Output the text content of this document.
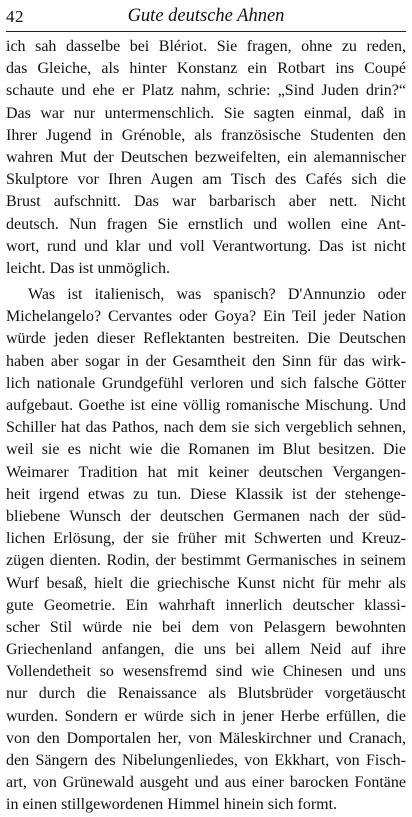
42	Gute deutsche Ahnen
ich sah dasselbe bei Blériot. Sie fragen, ohne zu reden,
das Gleiche, als hinter Konstanz ein Rotbart ins Coupé
schaute und ehe er Platz nahm, schrie: „Sind Juden drin?“
Das war nur untermenschlich. Sie sagten einmal, daß in
Ihrer Jugend in Grénoble, als französische Studenten den
wahren Mut der Deutschen bezweifelten, ein alemannischer
Skulptore vor Ihren Augen am Tisch des Cafés sich die
Brust aufschnitt. Das war barbarisch aber nett. Nicht
deutsch. Nun fragen Sie ernstlich und wollen eine Ant-
wort, rund und klar und voll Verantwortung. Das ist nicht
leicht. Das ist unmöglich.
Was ist italienisch, was spanisch? D'Annunzio oder
Michelangelo? Cervantes oder Goya? Ein Teil jeder Nation
würde jeden dieser Reflektanten bestreiten. Die Deutschen
haben aber sogar in der Gesamtheit den Sinn für das wirk-
lich nationale Grundgefühl verloren und sich falsche Götter
aufgebaut. Goethe ist eine völlig romanische Mischung. Und
Schiller hat das Pathos, nach dem sie sich vergeblich sehnen,
weil sie es nicht wie die Romanen im Blut besitzen. Die
Weimarer Tradition hat mit keiner deutschen Vergangen-
heit irgend etwas zu tun. Diese Klassik ist der stehenge-
bliebene Wunsch der deutschen Germanen nach der süd-
lichen Erlösung, der sie früher mit Schwerten und Kreuz-
zügen dienten. Rodin, der bestimmt Germanisches in seinem
Wurf besaß, hielt die griechische Kunst nicht für mehr als
gute Geometrie. Ein wahrhaft innerlich deutscher klassi-
scher Stil würde nie bei dem von Pelasgern bewohnten
Griechenland anfangen, die uns bei allem Neid auf ihre
Vollendetheit so wesensfremd sind wie Chinesen und uns
nur durch die Renaissance als Blutsbrüder vorgetäuscht
wurden. Sondern er würde sich in jener Herbe erfüllen, die
von den Domportalen her, von Mäleskirchner und Cranach,
den Sängern des Nibelungenliedes, von Ekkhart, von Fisch-
art, von Grünewald ausgeht und aus einer barocken Fontäne
in einen stillgewordenen Himmel hinein sich formt.
